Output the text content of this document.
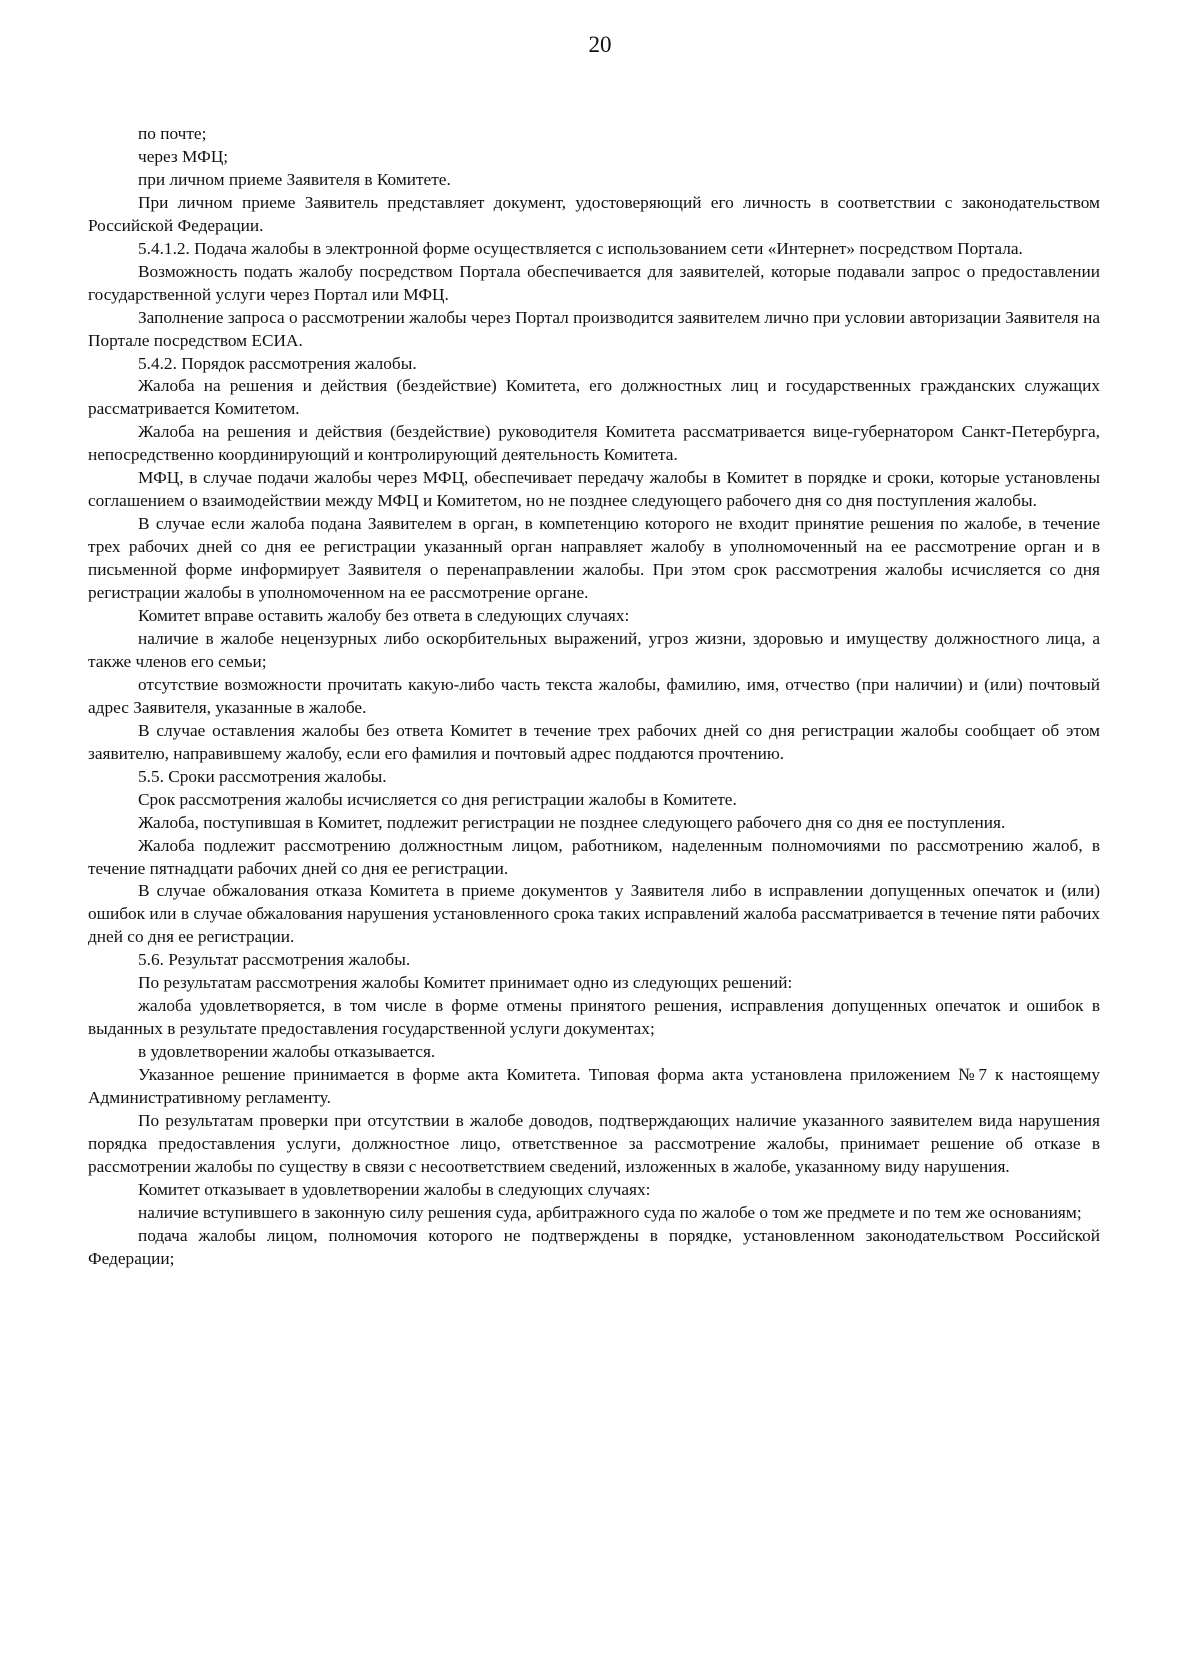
20

по почте;

через МФЦ;

при личном приеме Заявителя в Комитете.

При личном приеме Заявитель представляет документ, удостоверяющий его личность в соответствии с законодательством Российской Федерации.

5.4.1.2. Подача жалобы в электронной форме осуществляется с использованием сети «Интернет» посредством Портала.

Возможность подать жалобу посредством Портала обеспечивается для заявителей, которые подавали запрос о предоставлении государственной услуги через Портал или МФЦ.

Заполнение запроса о рассмотрении жалобы через Портал производится заявителем лично при условии авторизации Заявителя на Портале посредством ЕСИА.

5.4.2. Порядок рассмотрения жалобы.

Жалоба на решения и действия (бездействие) Комитета, его должностных лиц и государственных гражданских служащих рассматривается Комитетом.

Жалоба на решения и действия (бездействие) руководителя Комитета рассматривается вице-губернатором Санкт-Петербурга, непосредственно координирующий и контролирующий деятельность Комитета.

МФЦ, в случае подачи жалобы через МФЦ, обеспечивает передачу жалобы в Комитет в порядке и сроки, которые установлены соглашением о взаимодействии между МФЦ и Комитетом, но не позднее следующего рабочего дня со дня поступления жалобы.

В случае если жалоба подана Заявителем в орган, в компетенцию которого не входит принятие решения по жалобе, в течение трех рабочих дней со дня ее регистрации указанный орган направляет жалобу в уполномоченный на ее рассмотрение орган и в письменной форме информирует Заявителя о перенаправлении жалобы. При этом срок рассмотрения жалобы исчисляется со дня регистрации жалобы в уполномоченном на ее рассмотрение органе.

Комитет вправе оставить жалобу без ответа в следующих случаях:

наличие в жалобе нецензурных либо оскорбительных выражений, угроз жизни, здоровью и имуществу должностного лица, а также членов его семьи;

отсутствие возможности прочитать какую-либо часть текста жалобы, фамилию, имя, отчество (при наличии) и (или) почтовый адрес Заявителя, указанные в жалобе.

В случае оставления жалобы без ответа Комитет в течение трех рабочих дней со дня регистрации жалобы сообщает об этом заявителю, направившему жалобу, если его фамилия и почтовый адрес поддаются прочтению.

5.5. Сроки рассмотрения жалобы.

Срок рассмотрения жалобы исчисляется со дня регистрации жалобы в Комитете.

Жалоба, поступившая в Комитет, подлежит регистрации не позднее следующего рабочего дня со дня ее поступления.

Жалоба подлежит рассмотрению должностным лицом, работником, наделенным полномочиями по рассмотрению жалоб, в течение пятнадцати рабочих дней со дня ее регистрации.

В случае обжалования отказа Комитета в приеме документов у Заявителя либо в исправлении допущенных опечаток и (или) ошибок или в случае обжалования нарушения установленного срока таких исправлений жалоба рассматривается в течение пяти рабочих дней со дня ее регистрации.

5.6. Результат рассмотрения жалобы.

По результатам рассмотрения жалобы Комитет принимает одно из следующих решений:

жалоба удовлетворяется, в том числе в форме отмены принятого решения, исправления допущенных опечаток и ошибок в выданных в результате предоставления государственной услуги документах;

в удовлетворении жалобы отказывается.

Указанное решение принимается в форме акта Комитета. Типовая форма акта установлена приложением №7 к настоящему Административному регламенту.

По результатам проверки при отсутствии в жалобе доводов, подтверждающих наличие указанного заявителем вида нарушения порядка предоставления услуги, должностное лицо, ответственное за рассмотрение жалобы, принимает решение об отказе в рассмотрении жалобы по существу в связи с несоответствием сведений, изложенных в жалобе, указанному виду нарушения.

Комитет отказывает в удовлетворении жалобы в следующих случаях:

наличие вступившего в законную силу решения суда, арбитражного суда по жалобе о том же предмете и по тем же основаниям;

подача жалобы лицом, полномочия которого не подтверждены в порядке, установленном законодательством Российской Федерации;
